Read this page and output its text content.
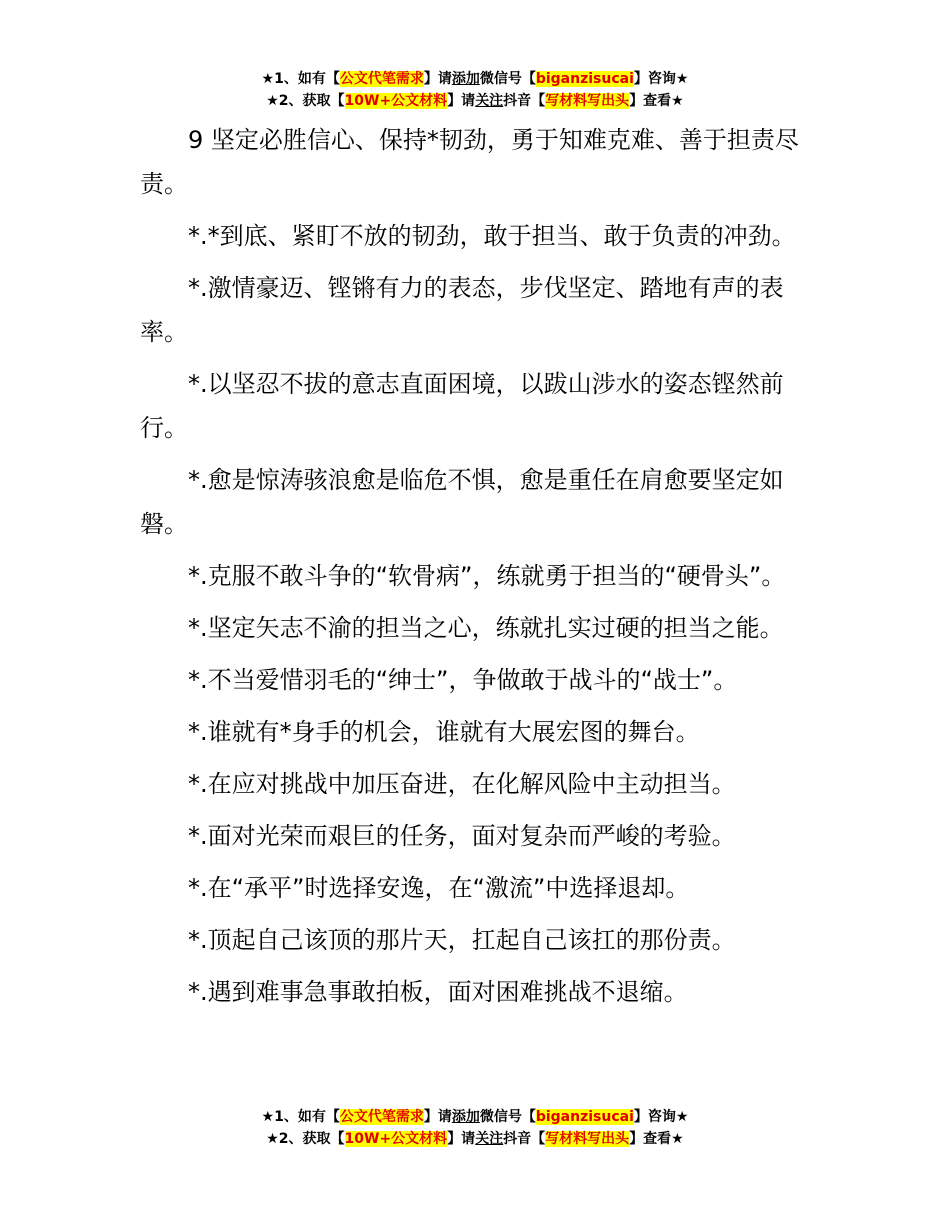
★1、如有【公文代笔需求】请添加微信号【biganzisucai】咨询★
★2、获取【10W+公文材料】请关注抖音【写材料写出头】查看★

9 坚定必胜信心、保持*韧劲，勇于知难克难、善于担责尽责。

*.*到底、紧盯不放的韧劲，敢于担当、敢于负责的冲劲。

*.激情豪迈、铿锵有力的表态，步伐坚定、踏地有声的表率。

*.以坚忍不拔的意志直面困境，以跋山涉水的姿态铿然前行。

*.愈是惊涛骇浪愈是临危不惧，愈是重任在肩愈要坚定如磐。

*.克服不敢斗争的“软骨病”，练就勇于担当的“硬骨头”。

*.坚定矢志不渝的担当之心，练就扎实过硬的担当之能。

*.不当爱惜羽毛的“绅士”，争做敢于战斗的“战士”。

*.谁就有*身手的机会，谁就有大展宏图的舞台。

*.在应对挑战中加压奋进，在化解风险中主动担当。

*.面对光荣而艰巨的任务，面对复杂而严峻的考验。

*.在“承平”时选择安逸，在“激流”中选择退却。

*.顶起自己该顶的那片天，扛起自己该扛的那份责。

*.遇到难事急事敢拍板，面对困难挑战不退缩。

★1、如有【公文代笔需求】请添加微信号【biganzisucai】咨询★
★2、获取【10W+公文材料】请关注抖音【写材料写出头】查看★
